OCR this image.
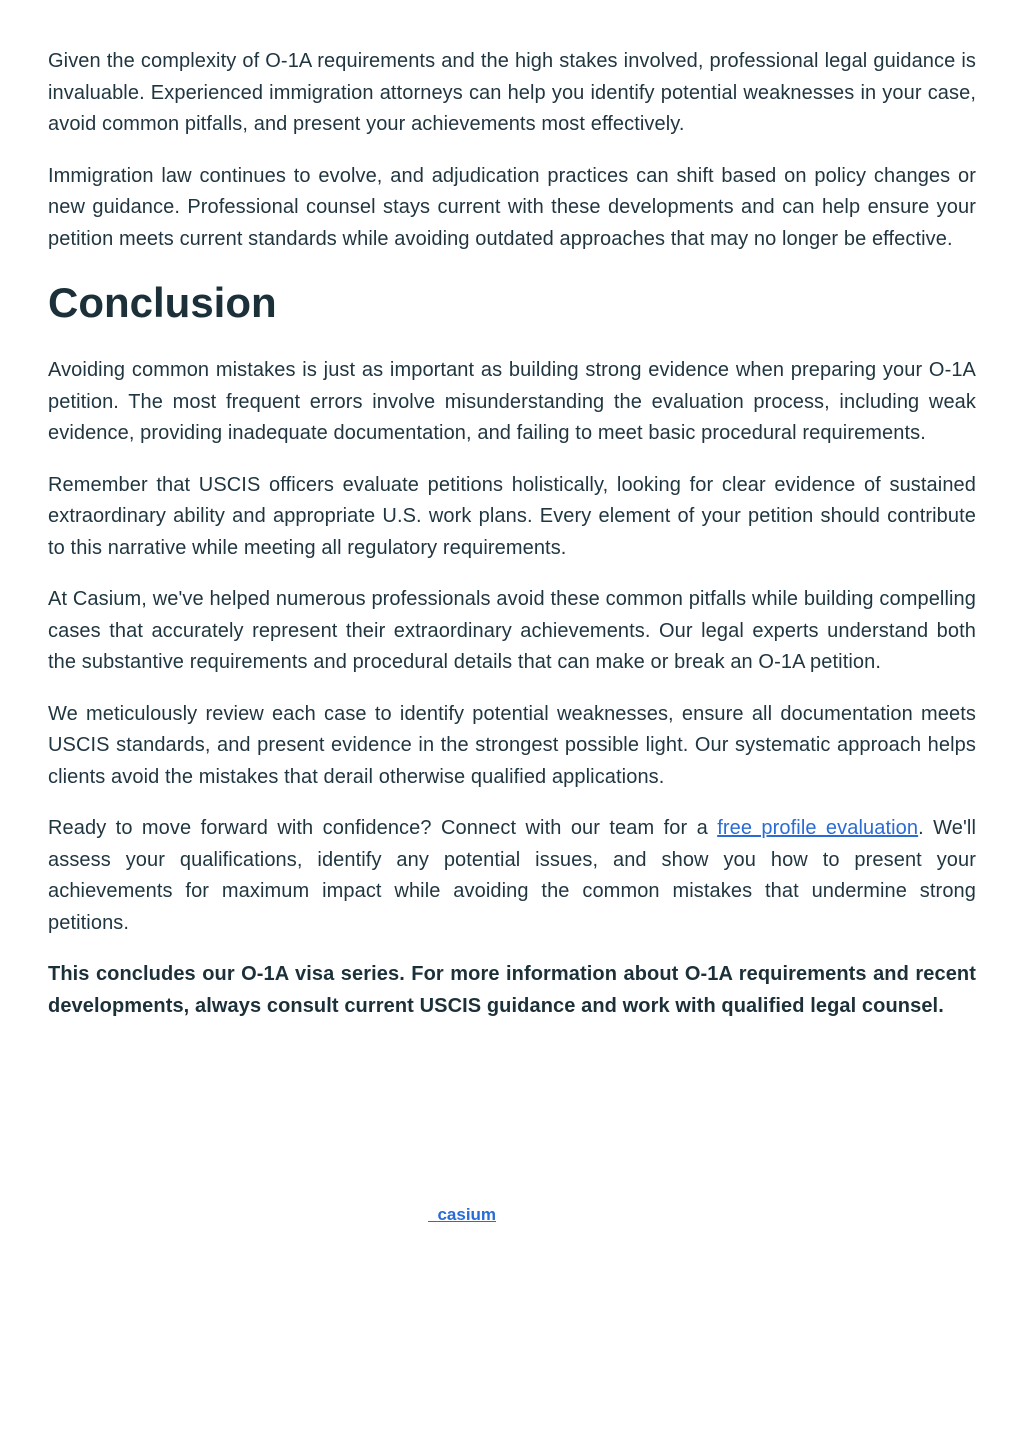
Given the complexity of O-1A requirements and the high stakes involved, professional legal guidance is invaluable. Experienced immigration attorneys can help you identify potential weaknesses in your case, avoid common pitfalls, and present your achievements most effectively.

Immigration law continues to evolve, and adjudication practices can shift based on policy changes or new guidance. Professional counsel stays current with these developments and can help ensure your petition meets current standards while avoiding outdated approaches that may no longer be effective.

Conclusion

Avoiding common mistakes is just as important as building strong evidence when preparing your O-1A petition. The most frequent errors involve misunderstanding the evaluation process, including weak evidence, providing inadequate documentation, and failing to meet basic procedural requirements.

Remember that USCIS officers evaluate petitions holistically, looking for clear evidence of sustained extraordinary ability and appropriate U.S. work plans. Every element of your petition should contribute to this narrative while meeting all regulatory requirements.

At Casium, we've helped numerous professionals avoid these common pitfalls while building compelling cases that accurately represent their extraordinary achievements. Our legal experts understand both the substantive requirements and procedural details that can make or break an O-1A petition.

We meticulously review each case to identify potential weaknesses, ensure all documentation meets USCIS standards, and present evidence in the strongest possible light. Our systematic approach helps clients avoid the mistakes that derail otherwise qualified applications.

Ready to move forward with confidence? Connect with our team for a free profile evaluation. We'll assess your qualifications, identify any potential issues, and show you how to present your achievements for maximum impact while avoiding the common mistakes that undermine strong petitions.

This concludes our O-1A visa series. For more information about O-1A requirements and recent developments, always consult current USCIS guidance and work with qualified legal counsel.

casium
